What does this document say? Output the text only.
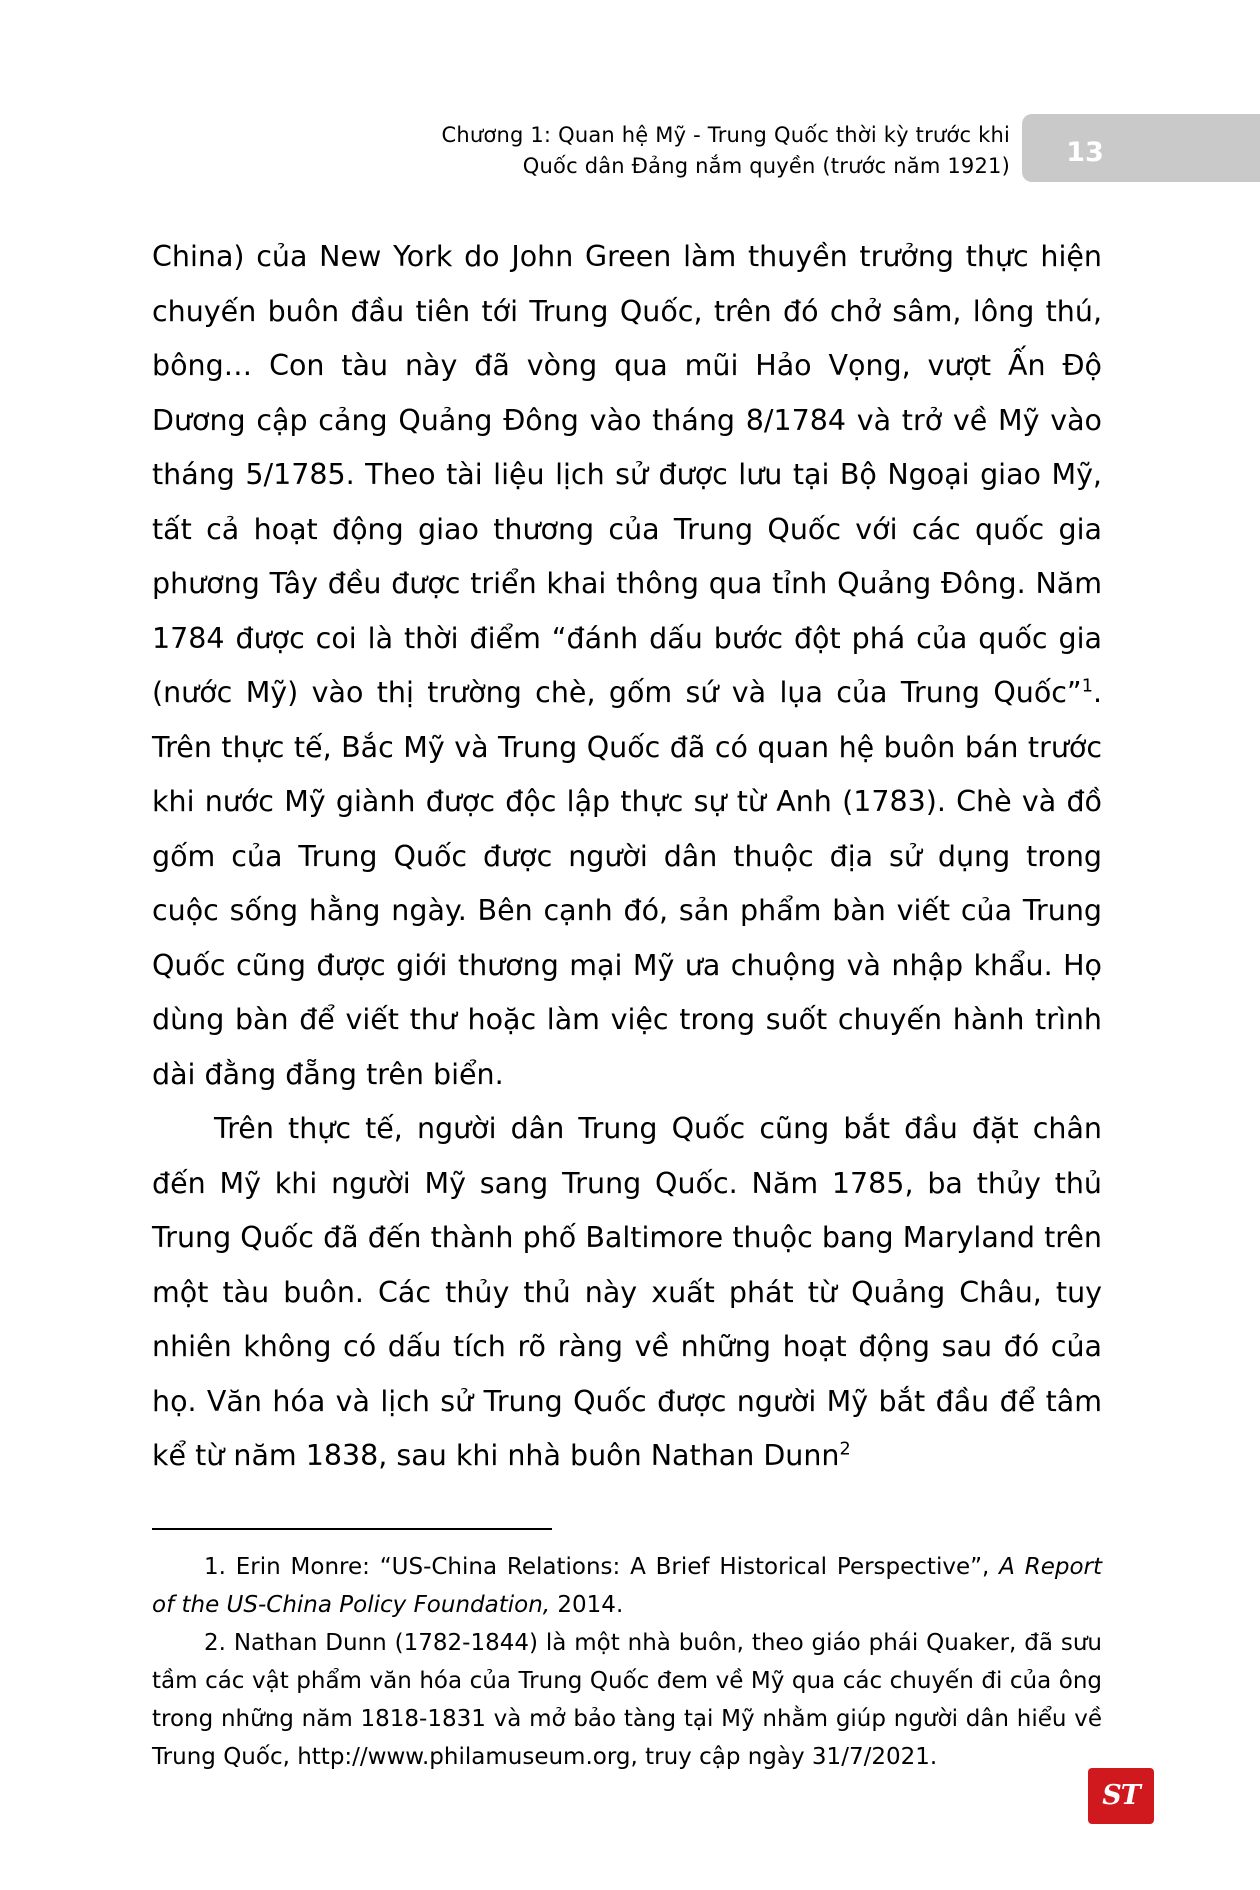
Chương 1: Quan hệ Mỹ - Trung Quốc thời kỳ trước khi
Quốc dân Đảng nắm quyền (trước năm 1921)	13

China) của New York do John Green làm thuyền trưởng thực hiện chuyến buôn đầu tiên tới Trung Quốc, trên đó chở sâm, lông thú, bông… Con tàu này đã vòng qua mũi Hảo Vọng, vượt Ấn Độ Dương cập cảng Quảng Đông vào tháng 8/1784 và trở về Mỹ vào tháng 5/1785. Theo tài liệu lịch sử được lưu tại Bộ Ngoại giao Mỹ, tất cả hoạt động giao thương của Trung Quốc với các quốc gia phương Tây đều được triển khai thông qua tỉnh Quảng Đông. Năm 1784 được coi là thời điểm “đánh dấu bước đột phá của quốc gia (nước Mỹ) vào thị trường chè, gốm sứ và lụa của Trung Quốc”$^1$. Trên thực tế, Bắc Mỹ và Trung Quốc đã có quan hệ buôn bán trước khi nước Mỹ giành được độc lập thực sự từ Anh (1783). Chè và đồ gốm của Trung Quốc được người dân thuộc địa sử dụng trong cuộc sống hằng ngày. Bên cạnh đó, sản phẩm bàn viết của Trung Quốc cũng được giới thương mại Mỹ ưa chuộng và nhập khẩu. Họ dùng bàn để viết thư hoặc làm việc trong suốt chuyến hành trình dài đằng đẵng trên biển.

Trên thực tế, người dân Trung Quốc cũng bắt đầu đặt chân đến Mỹ khi người Mỹ sang Trung Quốc. Năm 1785, ba thủy thủ Trung Quốc đã đến thành phố Baltimore thuộc bang Maryland trên một tàu buôn. Các thủy thủ này xuất phát từ Quảng Châu, tuy nhiên không có dấu tích rõ ràng về những hoạt động sau đó của họ. Văn hóa và lịch sử Trung Quốc được người Mỹ bắt đầu để tâm kể từ năm 1838, sau khi nhà buôn Nathan Dunn$^2$

1. Erin Monre: “US-China Relations: A Brief Historical Perspective”, A Report of the US-China Policy Foundation, 2014.

2. Nathan Dunn (1782-1844) là một nhà buôn, theo giáo phái Quaker, đã sưu tầm các vật phẩm văn hóa của Trung Quốc đem về Mỹ qua các chuyến đi của ông trong những năm 1818-1831 và mở bảo tàng tại Mỹ nhằm giúp người dân hiểu về Trung Quốc, http://www.philamuseum.org, truy cập ngày 31/7/2021.

ST
